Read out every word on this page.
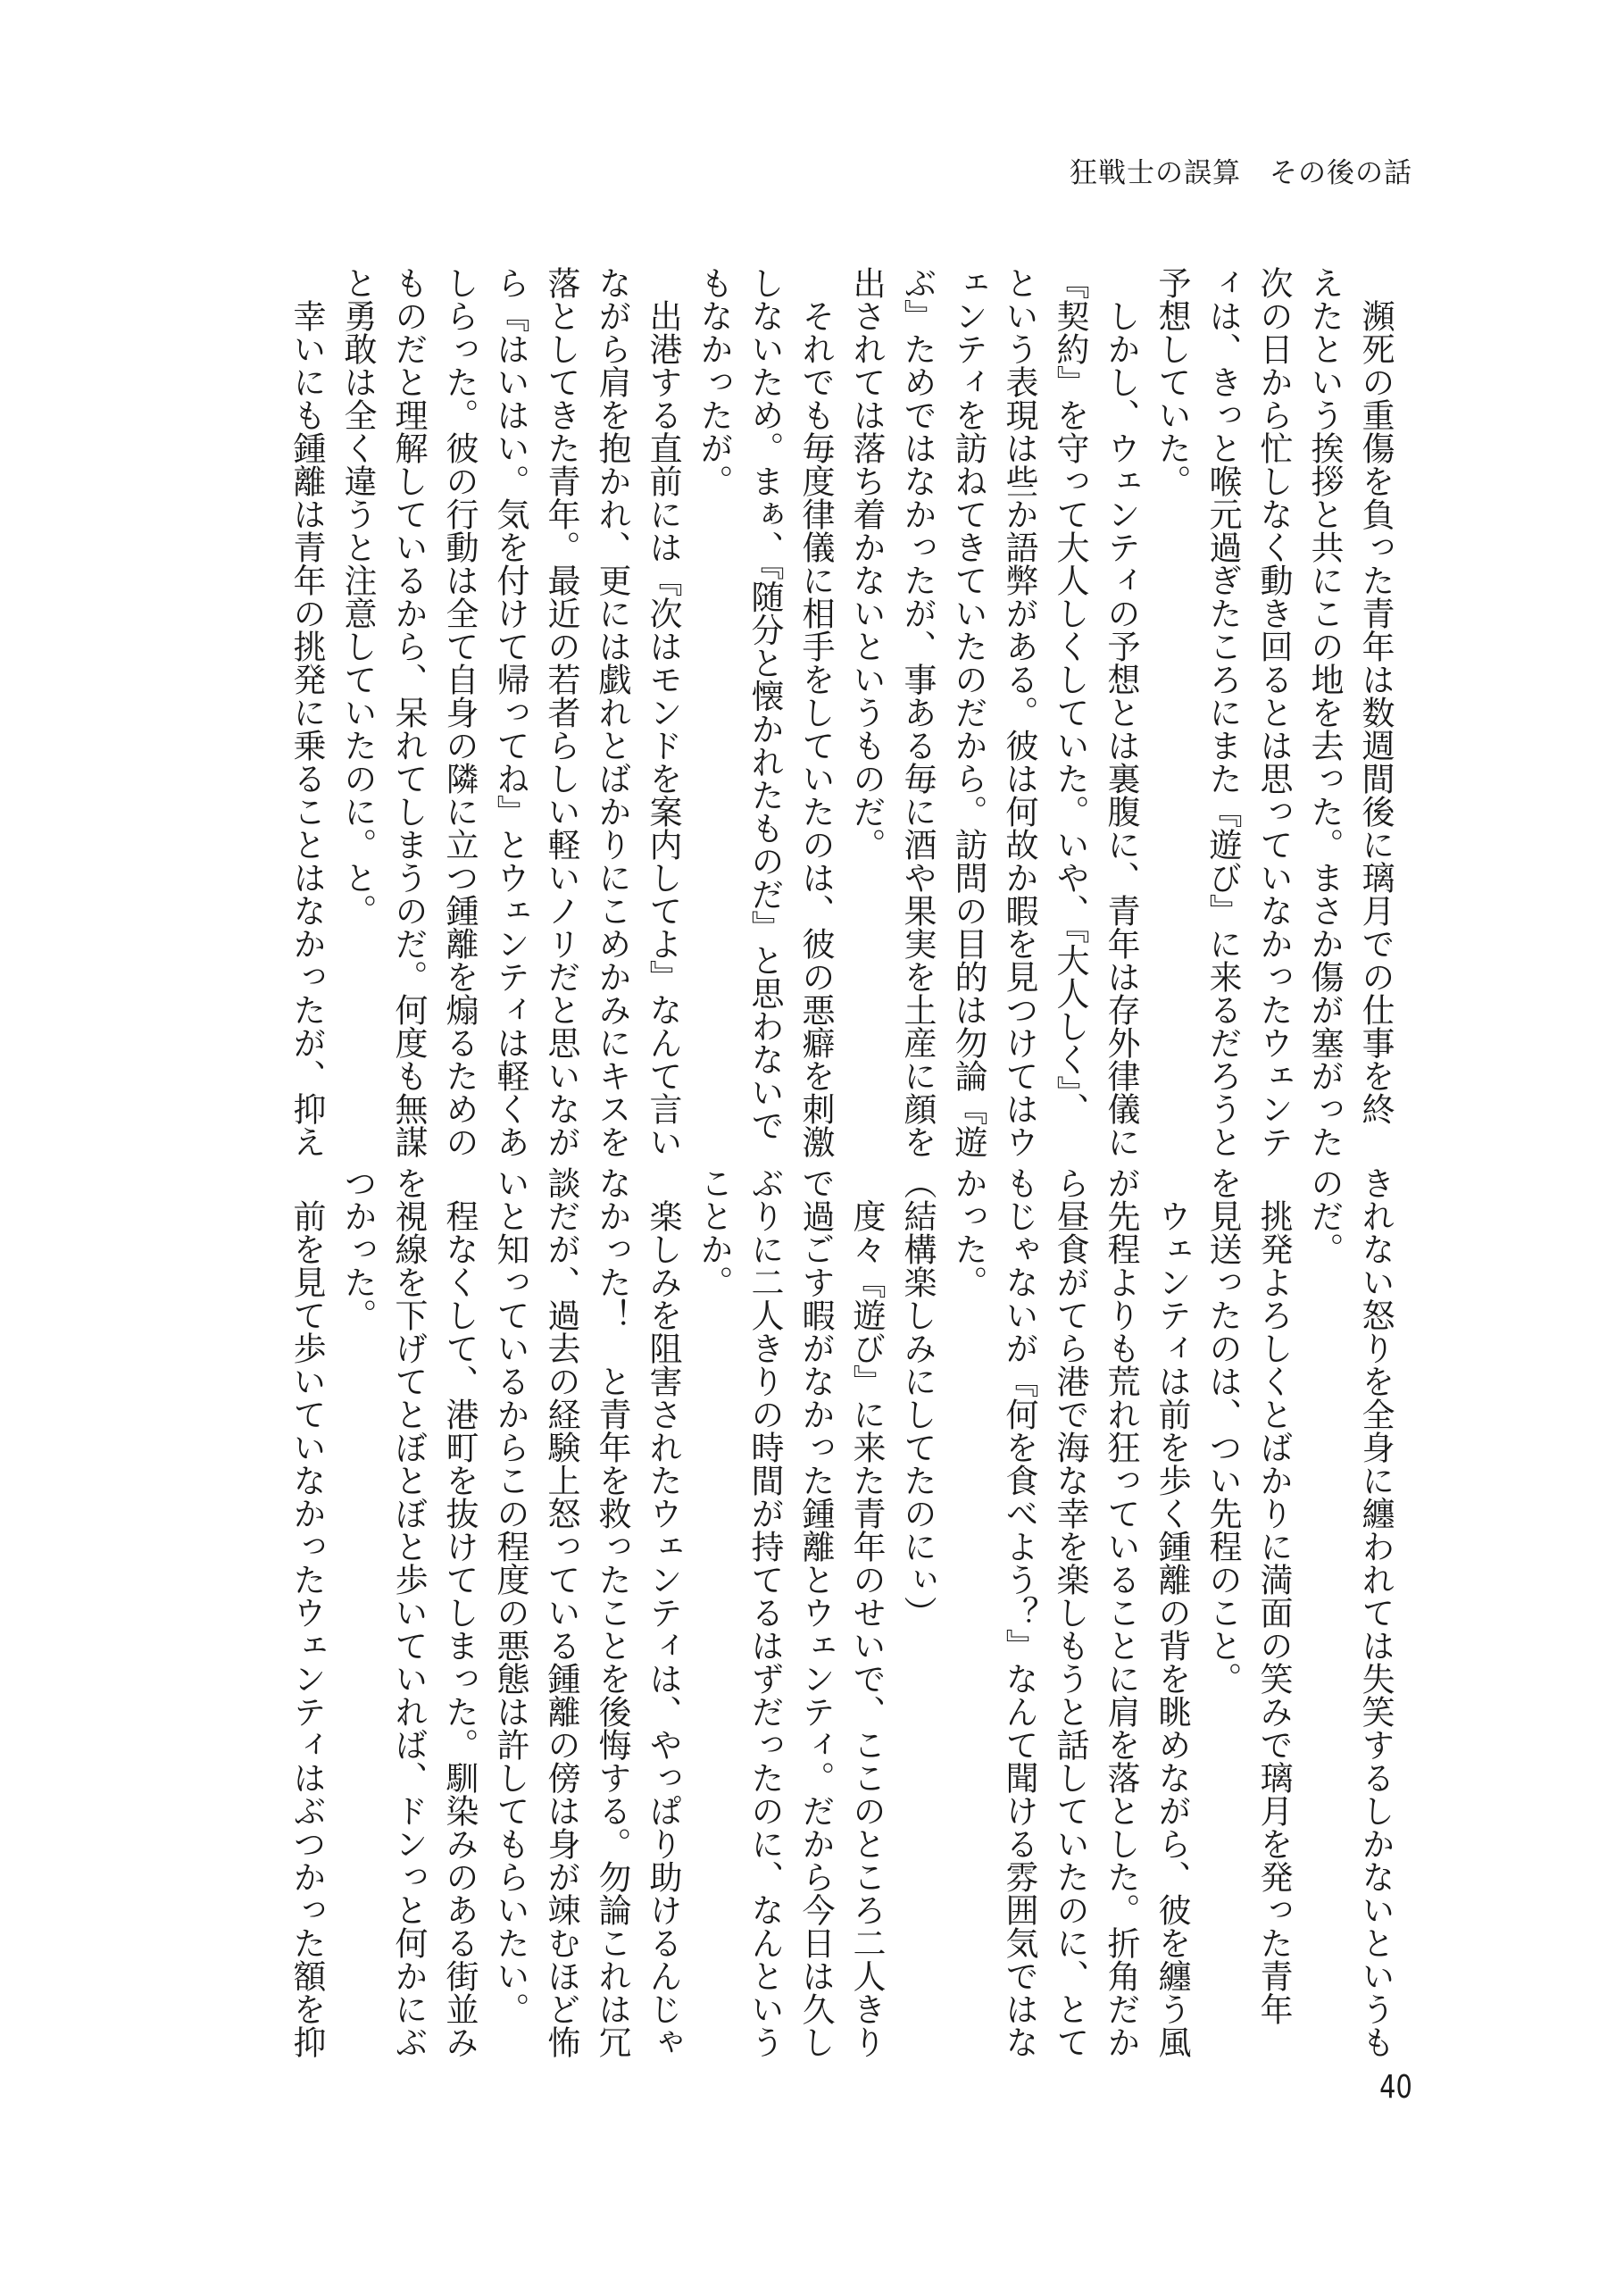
狂戦士の誤算　その後の話

　瀕死の重傷を負った青年は数週間後に璃月での仕事を終

えたという挨拶と共にこの地を去った。まさか傷が塞がった

次の日から忙しなく動き回るとは思っていなかったウェンテ

ィは、きっと喉元過ぎたころにまた『遊び』に来るだろうと

予想していた。

　しかし、ウェンティの予想とは裏腹に、青年は存外律儀に

『契約』を守って大人しくしていた。いや、『大人しく』、

という表現は些か語弊がある。彼は何故か暇を見つけてはウ

ェンティを訪ねてきていたのだから。訪問の目的は勿論『遊

ぶ』ためではなかったが、事ある毎に酒や果実を土産に顔を

出されては落ち着かないというものだ。

　それでも毎度律儀に相手をしていたのは、彼の悪癖を刺激

しないため。まぁ、『随分と懐かれたものだ』と思わないで

もなかったが。

　出港する直前には『次はモンドを案内してよ』なんて言い

ながら肩を抱かれ、更には戯れとばかりにこめかみにキスを

落としてきた青年。最近の若者らしい軽いノリだと思いなが

ら『はいはい。気を付けて帰ってね』とウェンティは軽くあ

しらった。彼の行動は全て自身の隣に立つ鍾離を煽るための

ものだと理解しているから、呆れてしまうのだ。何度も無謀

と勇敢は全く違うと注意していたのに。と。

　幸いにも鍾離は青年の挑発に乗ることはなかったが、抑え

きれない怒りを全身に纏われては失笑するしかないというも

のだ。

　挑発よろしくとばかりに満面の笑みで璃月を発った青年

を見送ったのは、つい先程のこと。

　ウェンティは前を歩く鍾離の背を眺めながら、彼を纏う風

が先程よりも荒れ狂っていることに肩を落とした。折角だか

ら昼食がてら港で海な幸を楽しもうと話していたのに、とて

もじゃないが『何を食べよう？』なんて聞ける雰囲気ではな

かった。

（結構楽しみにしてたのにぃ）

　度々『遊び』に来た青年のせいで、ここのところ二人きり

で過ごす暇がなかった鍾離とウェンティ。だから今日は久し

ぶりに二人きりの時間が持てるはずだったのに、なんという

ことか。

　楽しみを阻害されたウェンティは、やっぱり助けるんじゃ

なかった！　と青年を救ったことを後悔する。勿論これは冗

談だが、過去の経験上怒っている鍾離の傍は身が竦むほど怖

いと知っているからこの程度の悪態は許してもらいたい。

　程なくして、港町を抜けてしまった。馴染みのある街並み

を視線を下げてとぼとぼと歩いていれば、ドンっと何かにぶ

つかった。

　前を見て歩いていなかったウェンティはぶつかった額を抑

40
